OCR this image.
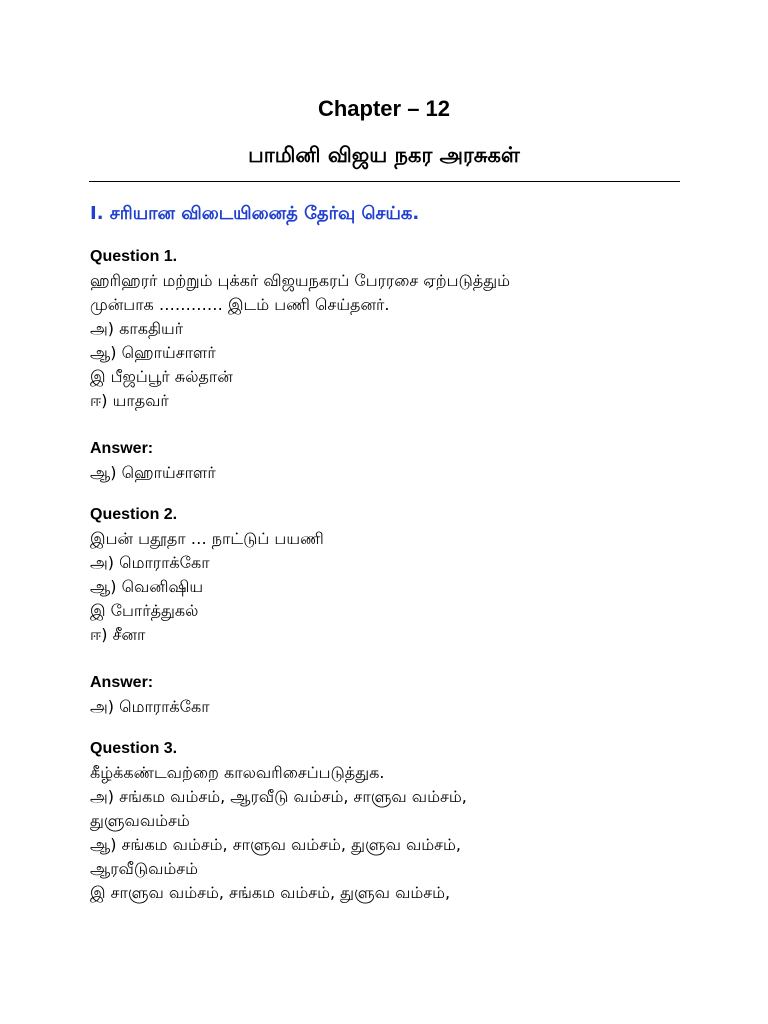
Chapter – 12
பாமினி விஜய நகர அரசுகள்
I. சரியான விடையினைத் தேர்வு செய்க.

Question 1.

ஹரிஹரர் மற்றும் புக்கர் விஜயநகரப் பேரரசை ஏற்படுத்தும்

முன்பாக ………… இடம் பணி செய்தனர்.

அ) காகதியர்

ஆ) ஹொய்சாளர்

இ பீஜப்பூர் சுல்தான்

ஈ) யாதவர்

Answer:

ஆ) ஹொய்சாளர்

Question 2.

இபன் பதூதா … நாட்டுப் பயணி

அ) மொராக்கோ

ஆ) வெனிஷிய

இ போர்த்துகல்

ஈ) சீனா

Answer:

அ) மொராக்கோ

Question 3.

கீழ்க்கண்டவற்றை காலவரிசைப்படுத்துக.

அ) சங்கம வம்சம், ஆரவீடு வம்சம், சாளுவ வம்சம்,

துளுவவம்சம்

ஆ) சங்கம வம்சம், சாளுவ வம்சம், துளுவ வம்சம்,

ஆரவீடுவம்சம்

இ சாளுவ வம்சம், சங்கம வம்சம், துளுவ வம்சம்,
